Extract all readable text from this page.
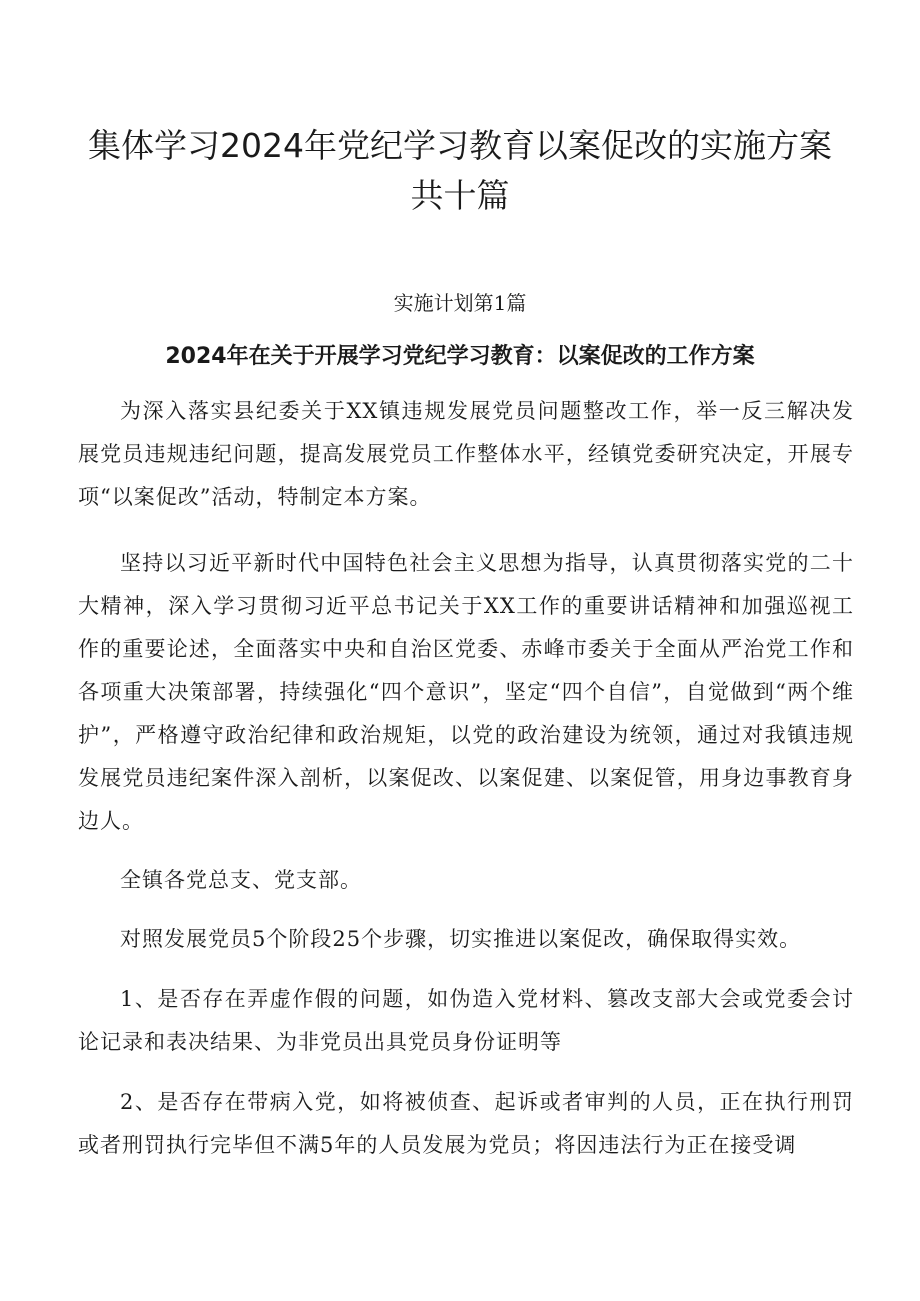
集体学习2024年党纪学习教育以案促改的实施方案
共十篇
实施计划第1篇
2024年在关于开展学习党纪学习教育：以案促改的工作方案

为深入落实县纪委关于XX镇违规发展党员问题整改工作，举一反三解决发展党员违规违纪问题，提高发展党员工作整体水平，经镇党委研究决定，开展专项“以案促改”活动，特制定本方案。

坚持以习近平新时代中国特色社会主义思想为指导，认真贯彻落实党的二十大精神，深入学习贯彻习近平总书记关于XX工作的重要讲话精神和加强巡视工作的重要论述，全面落实中央和自治区党委、赤峰市委关于全面从严治党工作和各项重大决策部署，持续强化“四个意识”，坚定“四个自信”，自觉做到“两个维护”，严格遵守政治纪律和政治规矩，以党的政治建设为统领，通过对我镇违规发展党员违纪案件深入剖析，以案促改、以案促建、以案促管，用身边事教育身边人。

全镇各党总支、党支部。

对照发展党员5个阶段25个步骤，切实推进以案促改，确保取得实效。

1、是否存在弄虚作假的问题，如伪造入党材料、篡改支部大会或党委会讨论记录和表决结果、为非党员出具党员身份证明等

2、是否存在带病入党，如将被侦查、起诉或者审判的人员，正在执行刑罚或者刑罚执行完毕但不满5年的人员发展为党员；将因违法行为正在接受调
